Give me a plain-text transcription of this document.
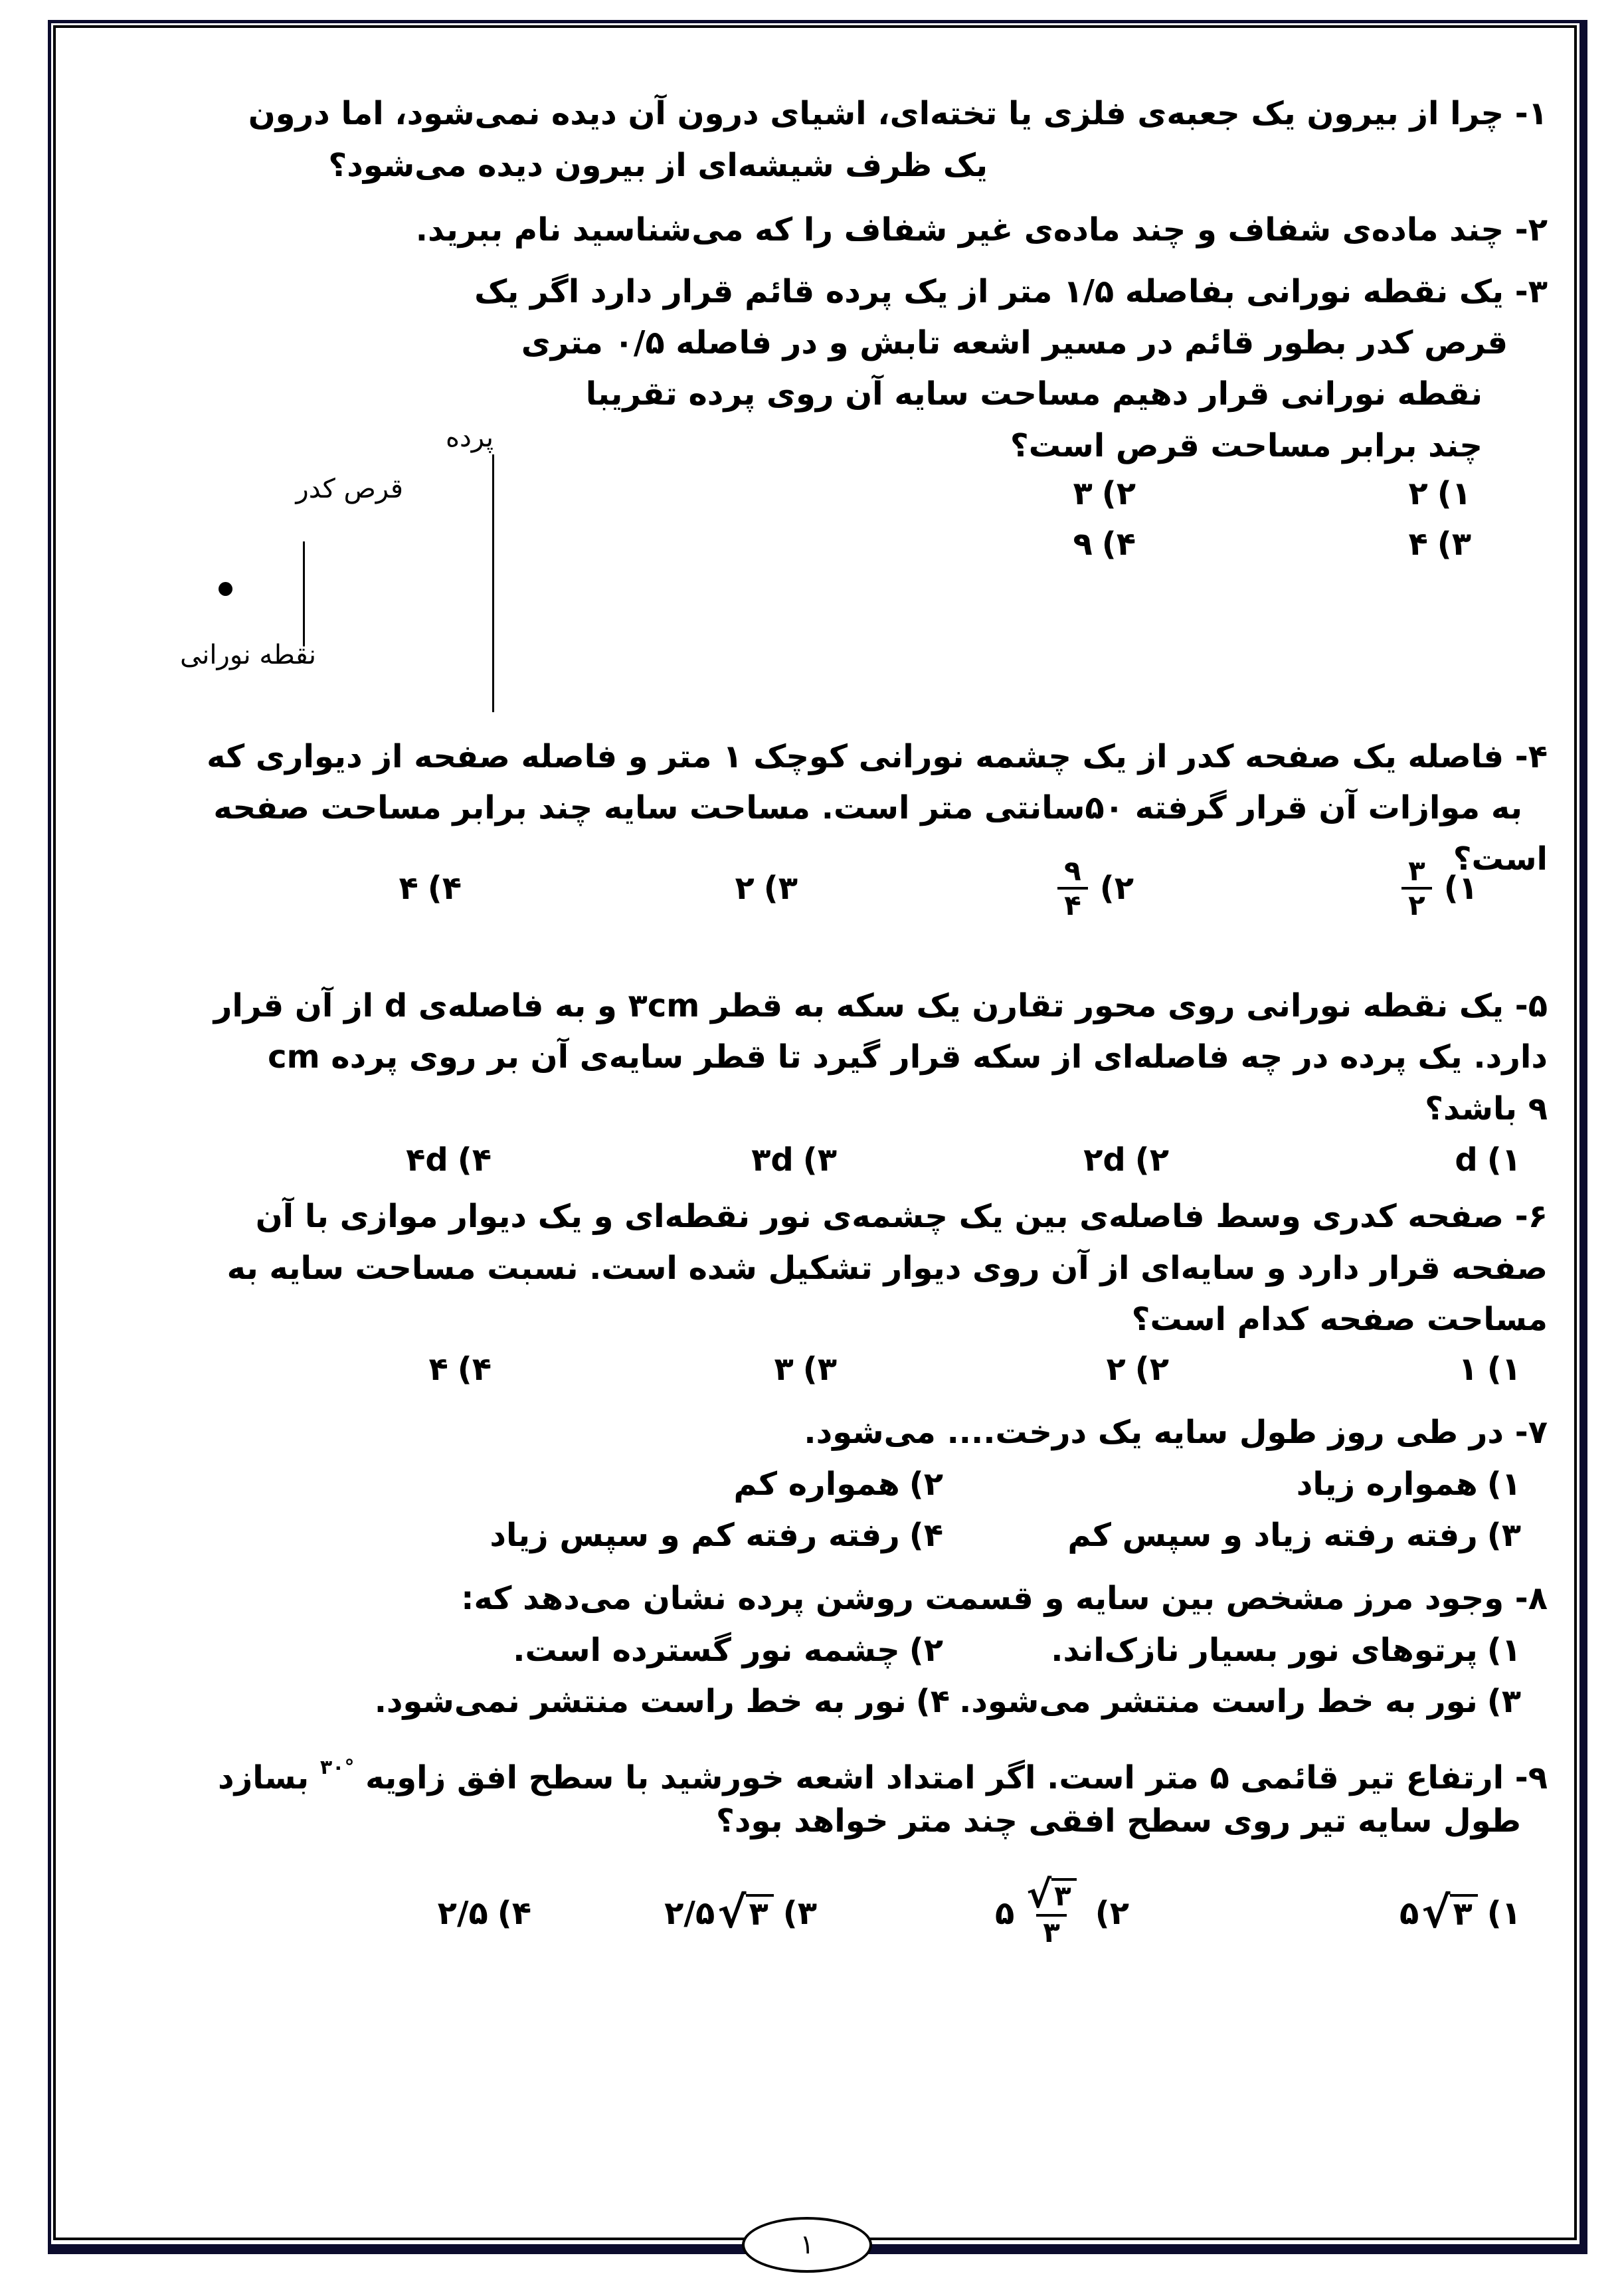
۱- چرا از بیرون یک جعبه‌ی فلزی یا تخته‌ای، اشیای درون آن دیده نمی‌شود، اما درون
یک ظرف شیشه‌ای از بیرون دیده می‌شود؟
۲- چند ماده‌ی شفاف و چند ماده‌ی غیر شفاف را که می‌شناسید نام ببرید.
۳- یک نقطه نورانی بفاصله ۱/۵ متر از یک پرده قائم قرار دارد اگر یک
قرص کدر بطور قائم در مسیر اشعه تابش و در فاصله ۰/۵ متری
نقطه نورانی قرار دهیم مساحت سایه آن روی پرده تقریبا
چند برابر مساحت قرص است؟
۱)
۲
۲)
۳
۳)
۴
۴)
۹
پرده
قرص کدر
نقطه نورانی
۴- فاصله یک صفحه کدر از یک چشمه نورانی کوچک ۱ متر و فاصله صفحه از دیواری که
به موازات آن قرار گرفته ۵۰سانتی متر است. مساحت سایه چند برابر مساحت صفحه
است؟
۱)
$\frac{۳}{۲}$
۲)
$\frac{۹}{۴}$
۳)
۲
۴)
۴
۵- یک نقطه نورانی روی محور تقارن یک سکه به قطر ۳cm و به فاصله‌ی d از آن قرار
دارد. یک پرده در چه فاصله‌ای از سکه قرار گیرد تا قطر سایه‌ی آن بر روی پرده cm
۹ باشد؟
۱)
d
۲)
۲d
۳)
۳d
۴)
۴d
۶- صفحه کدری وسط فاصله‌ی بین یک چشمه‌ی نور نقطه‌ای و یک دیوار موازی با آن
صفحه قرار دارد و سایه‌ای از آن روی دیوار تشکیل شده است. نسبت مساحت سایه به
مساحت صفحه کدام است؟
۱)
۱
۲)
۲
۳)
۳
۴)
۴
۷- در طی روز طول سایه یک درخت.... می‌شود.
۱)
همواره زیاد
۲)
همواره کم
۳)
رفته رفته زیاد و سپس کم
۴)
رفته رفته کم و سپس زیاد
۸- وجود مرز مشخص بین سایه و قسمت روشن پرده نشان می‌دهد که:
۱)
پرتوهای نور بسیار نازک‌اند.
۲)
چشمه نور گسترده است.
۳)
نور به خط راست منتشر می‌شود.
۴)
نور به خط راست منتشر نمی‌شود.
۹- ارتفاع تیر قائمی ۵ متر است. اگر امتداد اشعه خورشید با سطح افق زاویه ۳۰° بسازد
طول سایه تیر روی سطح افقی چند متر خواهد بود؟
۱)
۵ √ ۳
۲)
۵ $\frac{√ ۳}{۳}$
۳)
۲/۵ √ ۳
۴)
۲/۵
۱
